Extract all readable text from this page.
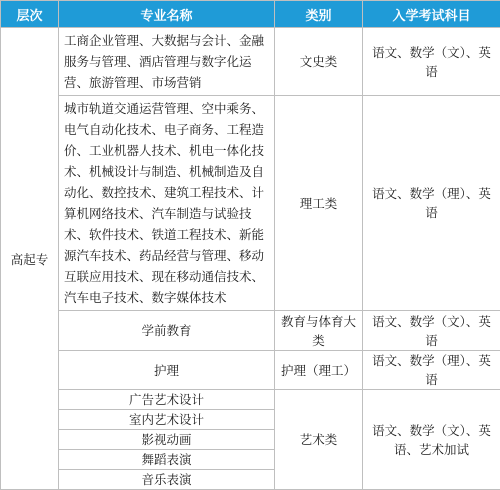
层次	专业名称	类别	入学考试科目
高起专	工商企业管理、大数据与会计、金融服务与管理、酒店管理与数字化运营、旅游管理、市场营销	文史类	语文、数学（文）、英语
	城市轨道交通运营管理、空中乘务、电气自动化技术、电子商务、工程造价、工业机器人技术、机电一体化技术、机械设计与制造、机械制造及自动化、数控技术、建筑工程技术、计算机网络技术、汽车制造与试验技术、软件技术、铁道工程技术、新能源汽车技术、药品经营与管理、移动互联应用技术、现在移动通信技术、汽车电子技术、数字媒体技术	理工类	语文、数学（理）、英语
	学前教育	教育与体育大类	语文、数学（文）、英语
	护理	护理（理工）	语文、数学（理）、英语
	广告艺术设计	艺术类	语文、数学（文）、英语、艺术加试
	室内艺术设计		
	影视动画		
	舞蹈表演		
	音乐表演		
